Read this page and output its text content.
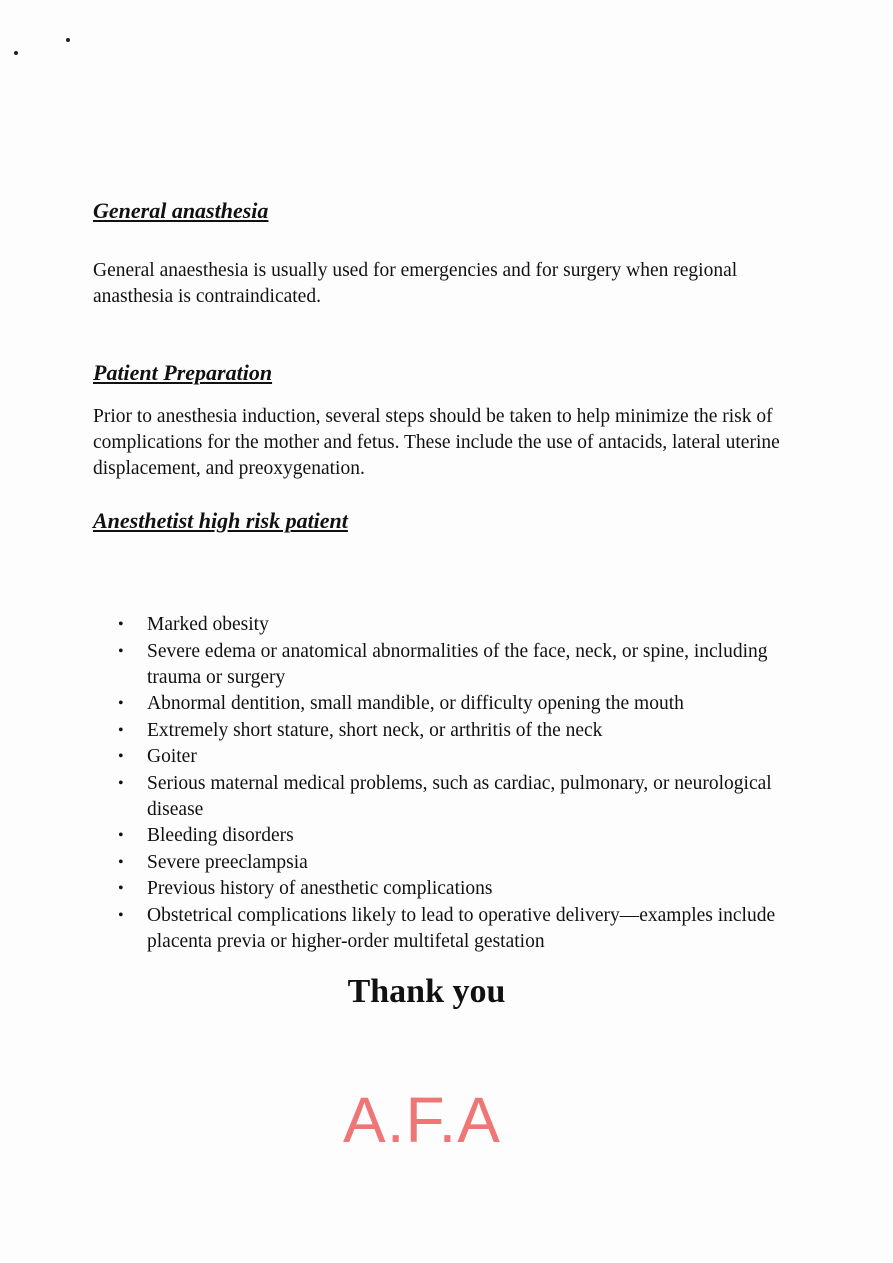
General anasthesia
General anaesthesia is usually used for emergencies and for surgery when regional anasthesia is contraindicated.
Patient Preparation
Prior to anesthesia induction, several steps should be taken to help minimize the risk of complications for the mother and fetus. These include the use of antacids, lateral uterine displacement, and preoxygenation.
Anesthetist high risk patient
• Marked obesity
• Severe edema or anatomical abnormalities of the face, neck, or spine, including trauma or surgery
• Abnormal dentition, small mandible, or difficulty opening the mouth
• Extremely short stature, short neck, or arthritis of the neck
• Goiter
• Serious maternal medical problems, such as cardiac, pulmonary, or neurological disease
• Bleeding disorders
• Severe preeclampsia
• Previous history of anesthetic complications
• Obstetrical complications likely to lead to operative delivery—examples include placenta previa or higher-order multifetal gestation
Thank you
A.F.A
